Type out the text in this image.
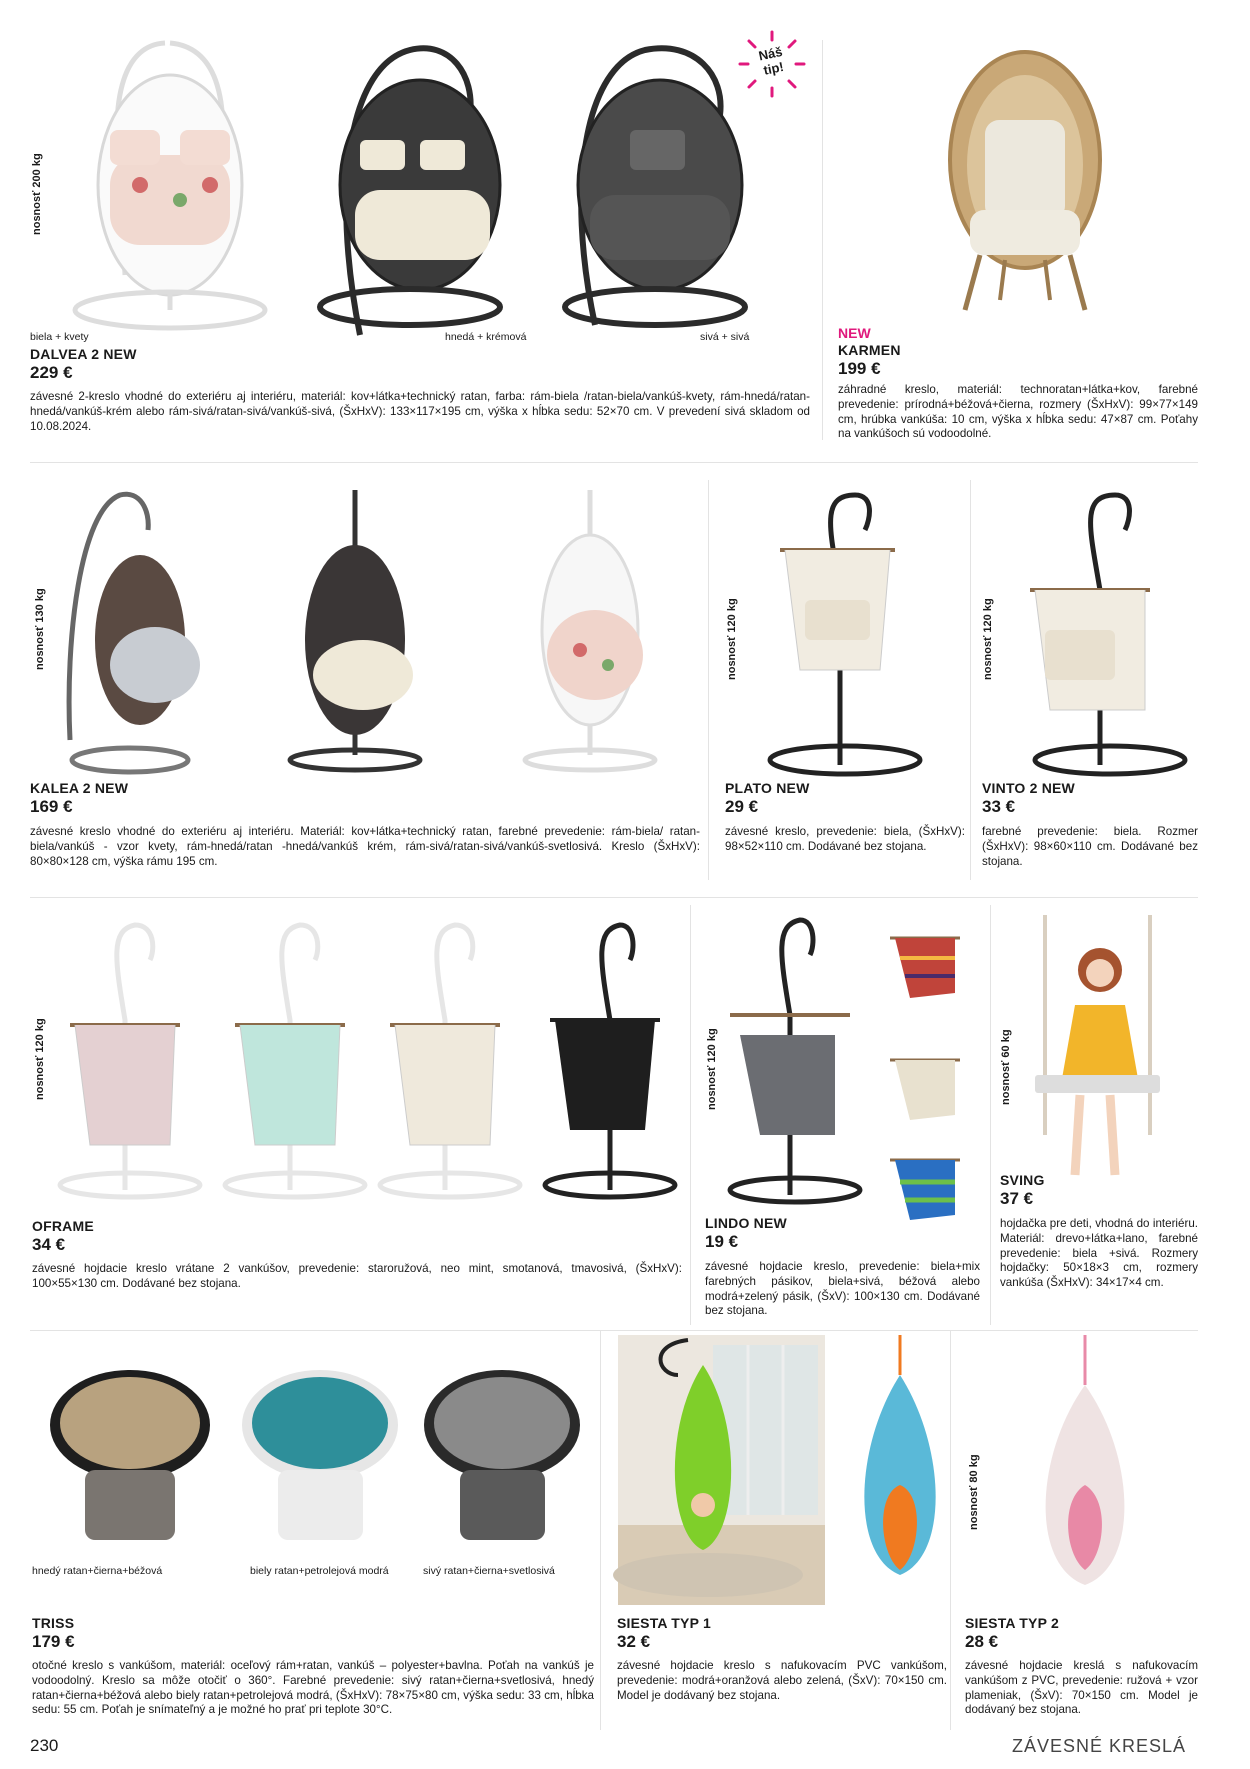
Náš
tip!
nosnosť 200 kg
biela + kvety	hnedá + krémová	sivá + sivá
DALVEA 2 NEW
229 €
závesné 2-kreslo vhodné do exteriéru aj interiéru, materiál: kov+látka+technický ratan, farba: rám-biela /ratan-biela/vankúš-kvety, rám-hnedá/ratan-hnedá/vankúš-krém alebo rám-sivá/ratan-sivá/vankúš-sivá, (ŠxHxV): 133×117×195 cm, výška x hĺbka sedu: 52×70 cm. V prevedení sivá skladom od 10.08.2024.
NEW
KARMEN
199 €
záhradné kreslo, materiál: technoratan+látka+kov, farebné prevedenie: prírodná+béžová+čierna, rozmery (ŠxHxV): 99×77×149 cm, hrúbka vankúša: 10 cm, výška x hĺbka sedu: 47×87 cm. Poťahy na vankúšoch sú vodoodolné.
nosnosť 130 kg
KALEA 2 NEW
169 €
závesné kreslo vhodné do exteriéru aj interiéru. Materiál: kov+látka+technický ratan, farebné prevedenie: rám-biela/ ratan-biela/vankúš - vzor kvety, rám-hnedá/ratan -hnedá/vankúš krém, rám-sivá/ratan-sivá/vankúš-svetlosivá. Kreslo (ŠxHxV): 80×80×128 cm, výška rámu 195 cm.
nosnosť 120 kg
PLATO NEW
29 €
závesné kreslo, prevedenie: biela, (ŠxHxV): 98×52×110 cm. Dodávané bez stojana.
nosnosť 120 kg
VINTO 2 NEW
33 €
farebné prevedenie: biela. Rozmer (ŠxHxV): 98×60×110 cm. Dodávané bez stojana.
nosnosť 120 kg
OFRAME
34 €
závesné hojdacie kreslo vrátane 2 vankúšov, prevedenie: staroružová, neo mint, smotanová, tmavosivá, (ŠxHxV): 100×55×130 cm. Dodávané bez stojana.
nosnosť 120 kg
LINDO NEW
19 €
závesné hojdacie kreslo, prevedenie: biela+mix farebných pásikov, biela+sivá, béžová alebo modrá+zelený pásik, (ŠxV): 100×130 cm. Dodávané bez stojana.
nosnosť 60 kg
SVING
37 €
hojdačka pre deti, vhodná do interiéru. Materiál: drevo+látka+lano, farebné prevedenie: biela +sivá. Rozmery hojdačky: 50×18×3 cm, rozmery vankúša (ŠxHxV): 34×17×4 cm.
hnedý ratan+čierna+béžová	biely ratan+petrolejová modrá	sivý ratan+čierna+svetlosivá
TRISS
179 €
otočné kreslo s vankúšom, materiál: oceľový rám+ratan, vankúš – polyester+bavlna. Poťah na vankúš je vodoodolný. Kreslo sa môže otočiť o 360°. Farebné prevedenie: sivý ratan+čierna+svetlosivá, hnedý ratan+čierna+béžová alebo biely ratan+petrolejová modrá, (ŠxHxV): 78×75×80 cm, výška sedu: 33 cm, hĺbka sedu: 55 cm. Poťah je snímateľný a je možné ho prať pri teplote 30°C.
SIESTA TYP 1
32 €
závesné hojdacie kreslo s nafukovacím PVC vankúšom, prevedenie: modrá+oranžová alebo zelená, (ŠxV): 70×150 cm. Model je dodávaný bez stojana.
nosnosť 80 kg
SIESTA TYP 2
28 €
závesné hojdacie kreslá s nafukovacím vankúšom z PVC, prevedenie: ružová + vzor plameniak, (ŠxV): 70×150 cm. Model je dodávaný bez stojana.
230	ZÁVESNÉ KRESLÁ
